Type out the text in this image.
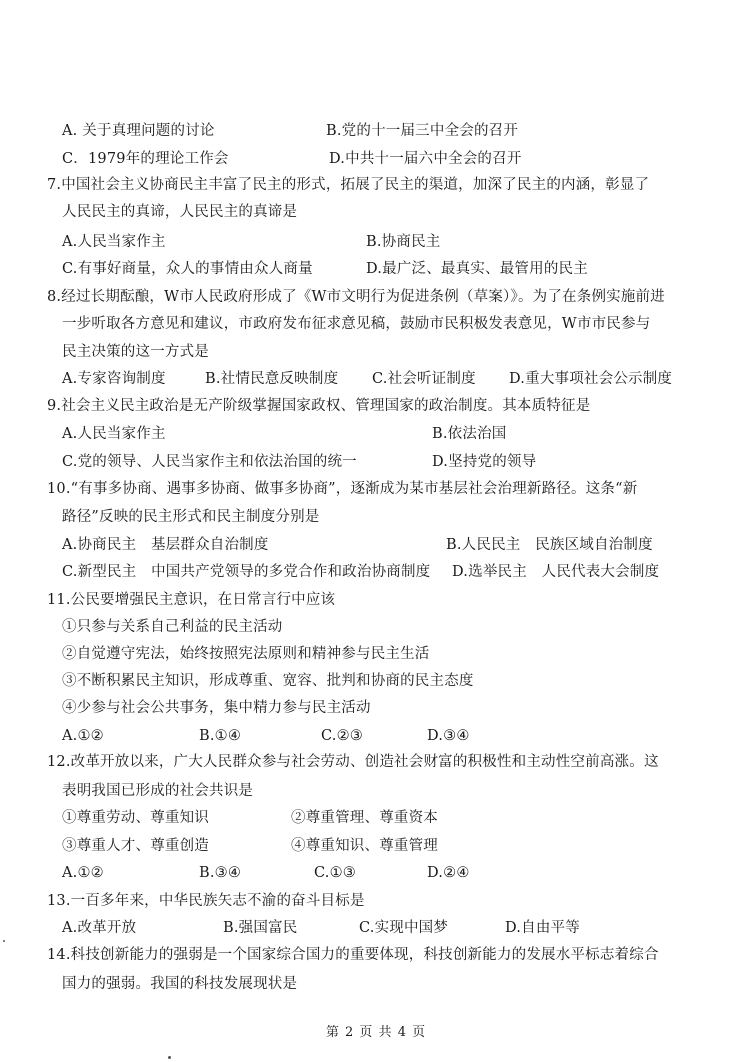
A. 关于真理问题的讨论	B.党的十一届三中全会的召开
C．1979年的理论工作会	D.中共十一届六中全会的召开
7.中国社会主义协商民主丰富了民主的形式，拓展了民主的渠道，加深了民主的内涵，彰显了
人民民主的真谛，人民民主的真谛是
A.人民当家作主	B.协商民主
C.有事好商量，众人的事情由众人商量	D.最广泛、最真实、最管用的民主
8.经过长期酝酿，W市人民政府形成了《W市文明行为促进条例（草案）》。为了在条例实施前进
一步听取各方意见和建议，市政府发布征求意见稿，鼓励市民积极发表意见，W市市民参与
民主决策的这一方式是
A.专家咨询制度	B.社情民意反映制度 C.社会听证制度 D.重大事项社会公示制度
9.社会主义民主政治是无产阶级掌握国家政权、管理国家的政治制度。其本质特征是
A.人民当家作主	B.依法治国
C.党的领导、人民当家作主和依法治国的统一	D.坚持党的领导
10.“有事多协商、遇事多协商、做事多协商”，逐渐成为某市基层社会治理新路径。这条“新
路径”反映的民主形式和民主制度分别是
A.协商民主　基层群众自治制度	B.人民民主　民族区域自治制度
C.新型民主　中国共产党领导的多党合作和政治协商制度 D.选举民主　人民代表大会制度
11.公民要增强民主意识，在日常言行中应该
①只参与关系自己利益的民主活动
②自觉遵守宪法，始终按照宪法原则和精神参与民主生活
③不断积累民主知识，形成尊重、宽容、批判和协商的民主态度
④少参与社会公共事务，集中精力参与民主活动
A.①②	B.①④	C.②③	D.③④
12.改革开放以来，广大人民群众参与社会劳动、创造社会财富的积极性和主动性空前高涨。这
表明我国已形成的社会共识是
①尊重劳动、尊重知识	②尊重管理、尊重资本
③尊重人才、尊重创造	④尊重知识、尊重管理
A.①②	B.③④	C.①③	D.②④
13.一百多年来，中华民族矢志不渝的奋斗目标是
A.改革开放	B.强国富民	C.实现中国梦	D.自由平等
14.科技创新能力的强弱是一个国家综合国力的重要体现，科技创新能力的发展水平标志着综合
国力的强弱。我国的科技发展现状是
第 2 页 共 4 页
